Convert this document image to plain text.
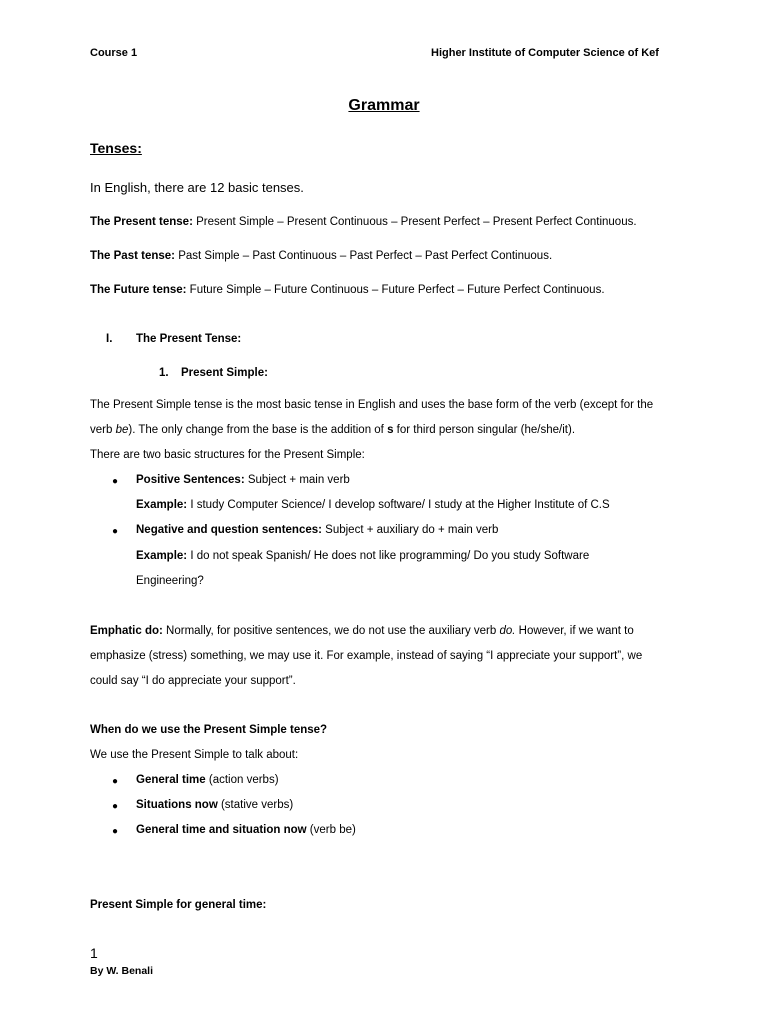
Course 1	Higher Institute of Computer Science of Kef
Grammar
Tenses:
In English, there are 12 basic tenses.
The Present tense: Present Simple – Present Continuous – Present Perfect – Present Perfect Continuous.
The Past tense: Past Simple – Past Continuous – Past Perfect – Past Perfect Continuous.
The Future tense: Future Simple – Future Continuous – Future Perfect – Future Perfect Continuous.
I. The Present Tense:
1. Present Simple:
The Present Simple tense is the most basic tense in English and uses the base form of the verb (except for the
verb be). The only change from the base is the addition of s for third person singular (he/she/it).
There are two basic structures for the Present Simple:
● Positive Sentences: Subject + main verb
Example: I study Computer Science/ I develop software/ I study at the Higher Institute of C.S
● Negative and question sentences: Subject + auxiliary do + main verb
Example: I do not speak Spanish/ He does not like programming/ Do you study Software
Engineering?
Emphatic do: Normally, for positive sentences, we do not use the auxiliary verb do. However, if we want to
emphasize (stress) something, we may use it. For example, instead of saying “I appreciate your support”, we
could say “I do appreciate your support”.
When do we use the Present Simple tense?
We use the Present Simple to talk about:
● General time (action verbs)
● Situations now (stative verbs)
● General time and situation now (verb be)
Present Simple for general time:
1
By W. Benali
